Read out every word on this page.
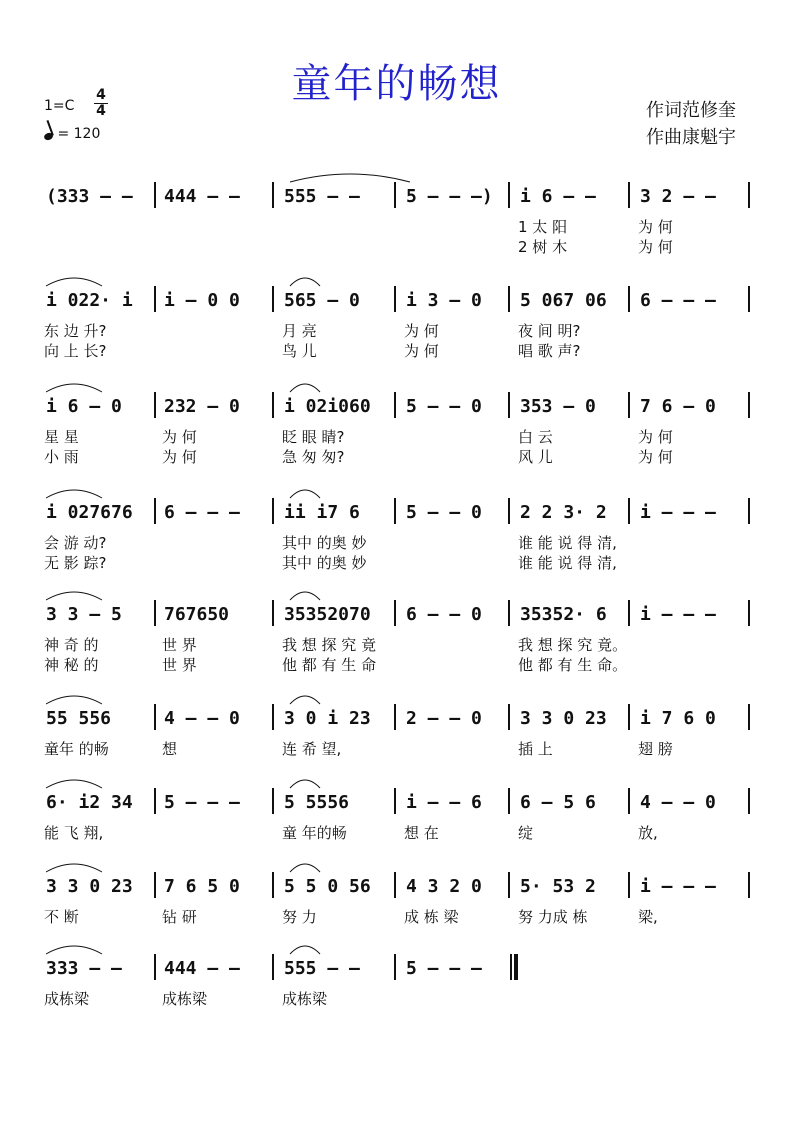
童年的畅想
1=C
4
4
= 120
作词范修奎
作曲康魁宇
(333 – – 444 – – 555 – –	5 – – –) i 6 – – 3 2 – –
1 太 阳	为 何
2 树 木	为 何
i 022· i i – 0 0 565 – 0	i 3 – 0 5 067 06 6 – – –
东 边 升?	月 亮	为 何	夜 间 明?
向 上 长?	鸟 儿	为 何	唱 歌 声?
i 6 – 0 232 – 0 i 02i060 5 – – 0 353 – 0 7 6 – 0
星 星	为 何	眨 眼 睛?	白 云	为 何
小 雨	为 何	急 匆 匆?	风 儿	为 何
i 027676 6 – – – ii i7 6	5 – – 0 2 2 3· 2 i – – –
会 游 动?	其中 的奥 妙	谁 能 说 得 清,
无 影 踪?	其中 的奥 妙	谁 能 说 得 清,
3 3 – 5 767650	35352070 6 – – 0 35352· 6 i – – –
神 奇 的	世 界	我 想 探 究 竟	我 想 探 究 竟。
神 秘 的	世 界	他 都 有 生 命	他 都 有 生 命。
55 556	4 – – 0 3 0 i 23 2 – – 0 3 3 0 23 i 7 6 0
童年 的畅	想	连 希 望,	插 上	翅 膀
6· i2 34 5 – – – 5 5556	i – – 6 6 – 5 6 4 – – 0
能 飞 翔,	童 年的畅	想 在	绽	放,
3 3 0 23 7 6 5 0 5 5 0 56 4 3 2 0 5· 53 2 i – – –
不 断	钻 研	努 力	成 栋 梁	努 力成 栋	梁,
333 – – 444 – – 555 – –	5 – – –
成栋梁	成栋梁	成栋梁
